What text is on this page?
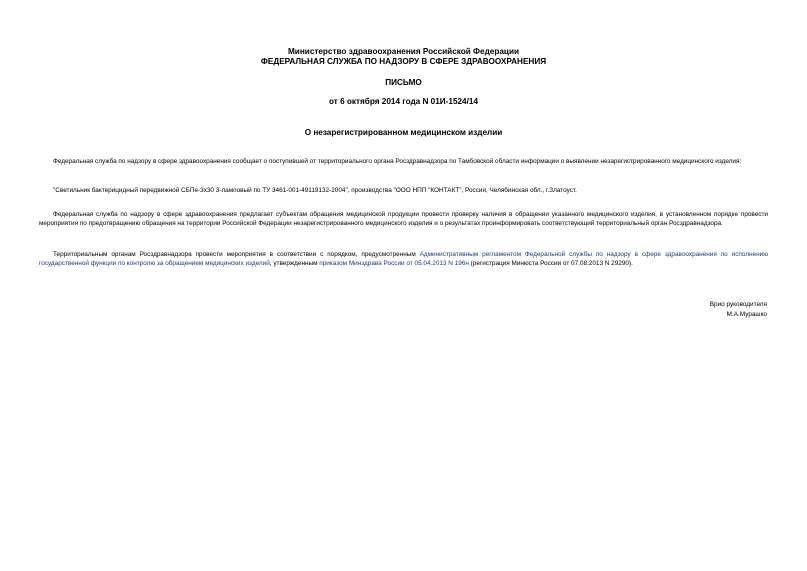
Министерство здравоохранения Российской Федерации
ФЕДЕРАЛЬНАЯ СЛУЖБА ПО НАДЗОРУ В СФЕРЕ ЗДРАВООХРАНЕНИЯ
ПИСЬМО
от 6 октября 2014 года N 01И-1524/14
О незарегистрированном медицинском изделии
Федеральная служба по надзору в сфере здравоохранения сообщает о поступившей от территориального органа Росздравнадзора по Тамбовской области информации о выявлении незарегистрированного медицинского изделия:
"Светильник бактерицидный передвижной СБПе-3х30 3-ламповый по ТУ 3461-001-49119132-2004", производства "ООО НПП "КОНТАКТ", Россия, Челябинская обл., г.Златоуст.
Федеральная служба по надзору в сфере здравоохранения предлагает субъектам обращения медицинской продукции провести проверку наличия в обращении указанного медицинского изделия, в установленном порядке провести мероприятия по предотвращению обращения на территории Российской Федерации незарегистрированного медицинского изделия и о результатах проинформировать соответствующий территориальный орган Росздравнадзора.
Территориальным органам Росздравнадзора провести мероприятия в соответствии с порядком, предусмотренным Административным регламентом Федеральной службы по надзору в сфере здравоохранения по исполнению государственной функции по контролю за обращением медицинских изделий, утвержденным приказом Минздрава России от 05.04.2013 N 196н (регистрация Минюста России от 07.08.2013 N 29290).
Врио руководителя
М.А.Мурашко
